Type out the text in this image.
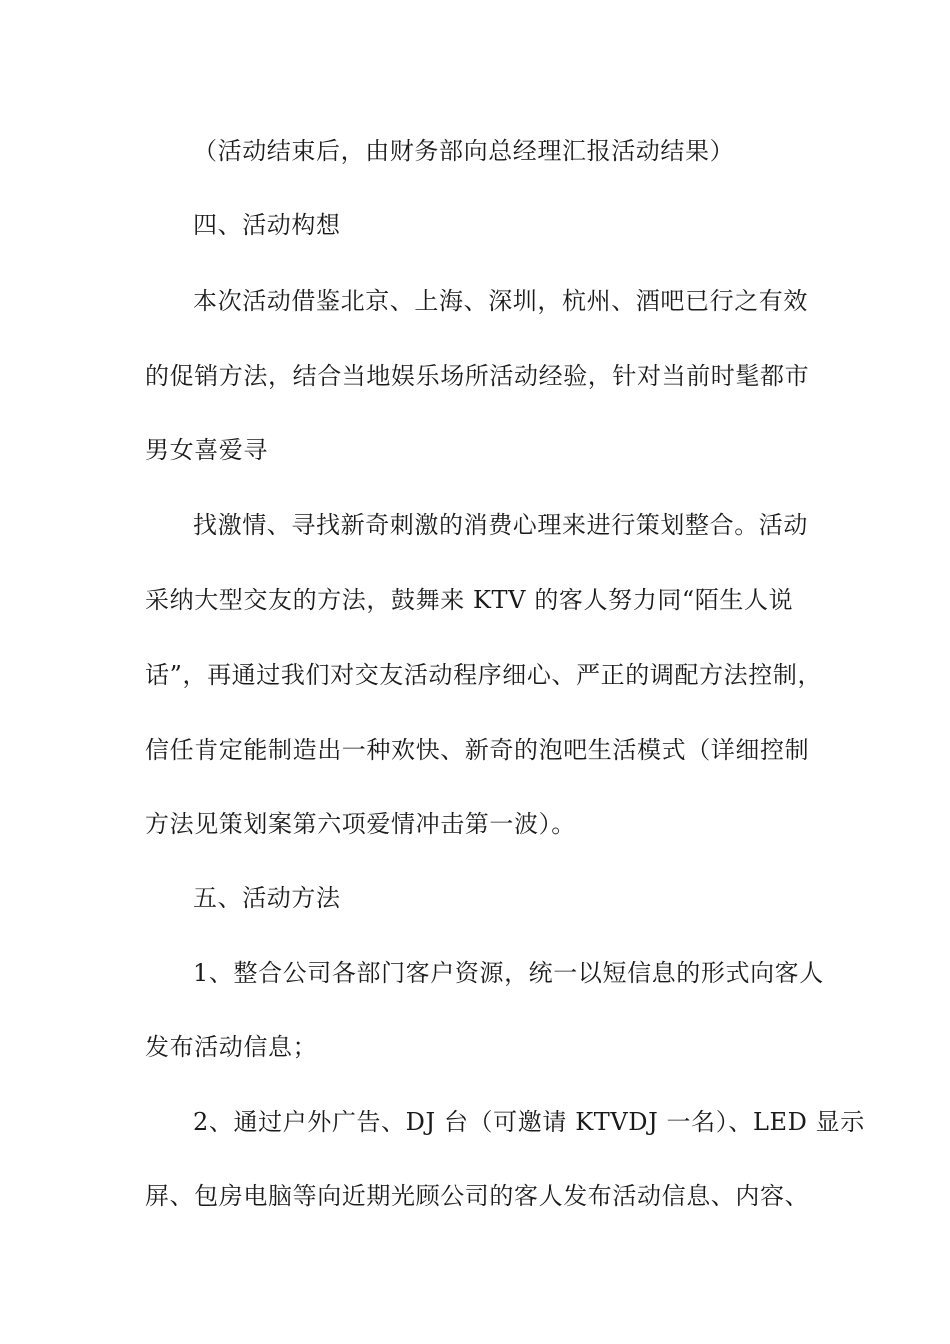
（活动结束后，由财务部向总经理汇报活动结果）
四、活动构想
本次活动借鉴北京、上海、深圳，杭州、酒吧已行之有效
的促销方法，结合当地娱乐场所活动经验，针对当前时髦都市
男女喜爱寻
找激情、寻找新奇刺激的消费心理来进行策划整合。活动
采纳大型交友的方法，鼓舞来 KTV 的客人努力同“陌生人说
话”，再通过我们对交友活动程序细心、严正的调配方法控制，
信任肯定能制造出一种欢快、新奇的泡吧生活模式（详细控制
方法见策划案第六项爱情冲击第一波）。
五、活动方法
1、整合公司各部门客户资源，统一以短信息的形式向客人
发布活动信息；
2、通过户外广告、DJ 台（可邀请 KTVDJ 一名）、LED 显示
屏、包房电脑等向近期光顾公司的客人发布活动信息、内容、
